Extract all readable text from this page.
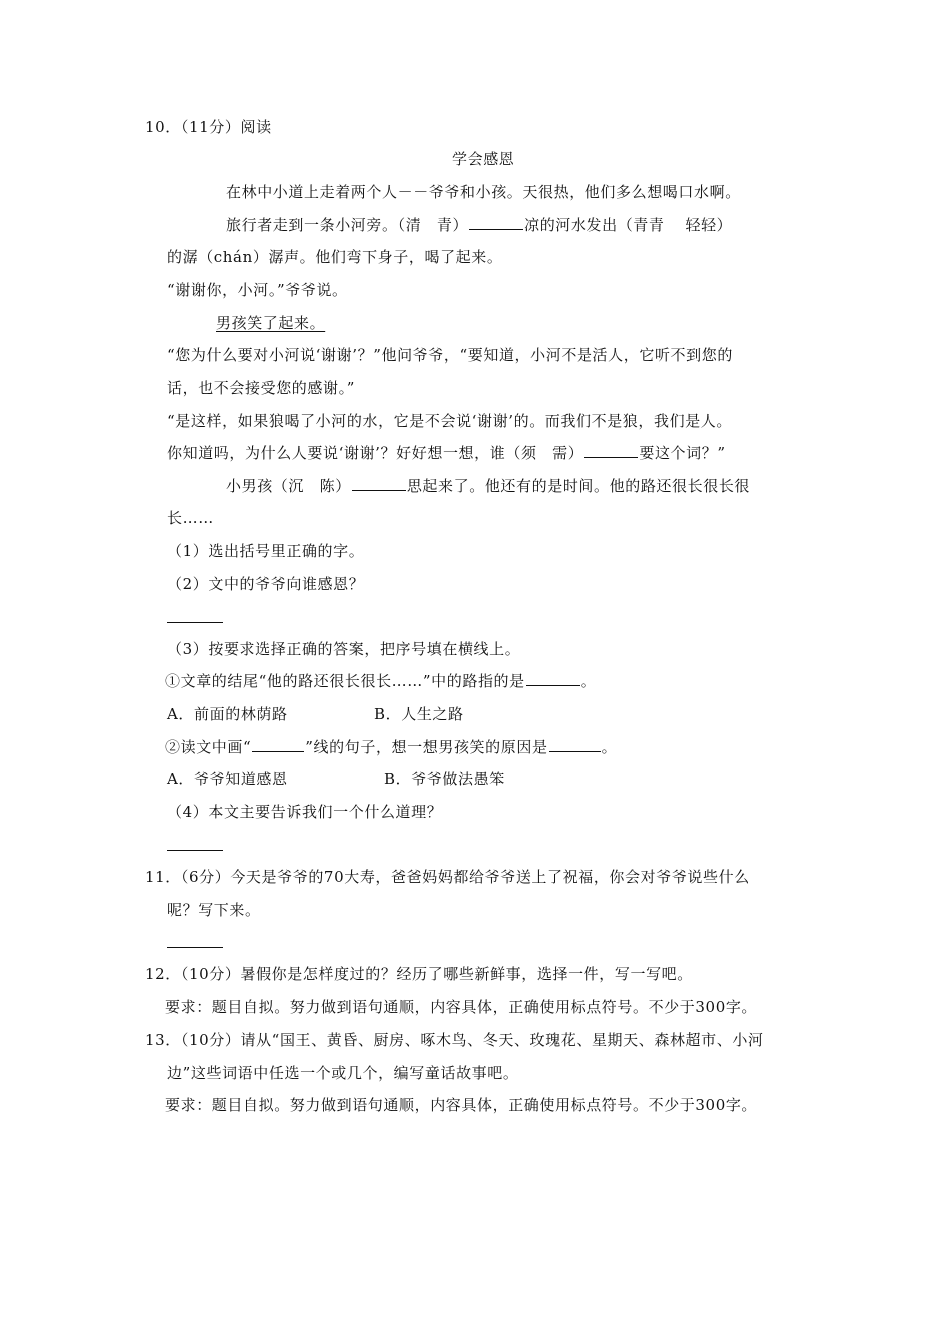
10．（11分）阅读
学会感恩
在林中小道上走着两个人－－爷爷和小孩。天很热，他们多么想喝口水啊。
旅行者走到一条小河旁。（清　青）	凉的河水发出（青青　 轻轻）
的潺（chán）潺声。他们弯下身子，喝了起来。
“谢谢你，小河。”爷爷说。
男孩笑了起来。
“您为什么要对小河说‘谢谢’？”他问爷爷，“要知道，小河不是活人，它听不到您的
话，也不会接受您的感谢。”
“是这样，如果狼喝了小河的水，它是不会说‘谢谢’的。而我们不是狼，我们是人。
你知道吗，为什么人要说‘谢谢’？好好想一想，谁（须　需）	要这个词？”
小男孩（沉　陈）	思起来了。他还有的是时间。他的路还很长很长很
长……
（1）选出括号里正确的字。
（2）文中的爷爷向谁感恩？
（3）按要求选择正确的答案，把序号填在横线上。
①文章的结尾“他的路还很长很长……”中的路指的是	。
A．前面的林荫路	B．人生之路
②读文中画“	”线的句子，想一想男孩笑的原因是	。
A．爷爷知道感恩	B．爷爷做法愚笨
（4）本文主要告诉我们一个什么道理？
11．（6分）今天是爷爷的70大寿，爸爸妈妈都给爷爷送上了祝福，你会对爷爷说些什么
呢？写下来。
12．（10分）暑假你是怎样度过的？经历了哪些新鲜事，选择一件，写一写吧。
要求：题目自拟。努力做到语句通顺，内容具体，正确使用标点符号。不少于300字。
13．（10分）请从“国王、黄昏、厨房、啄木鸟、冬天、玫瑰花、星期天、森林超市、小河
边”这些词语中任选一个或几个，编写童话故事吧。
要求：题目自拟。努力做到语句通顺，内容具体，正确使用标点符号。不少于300字。
